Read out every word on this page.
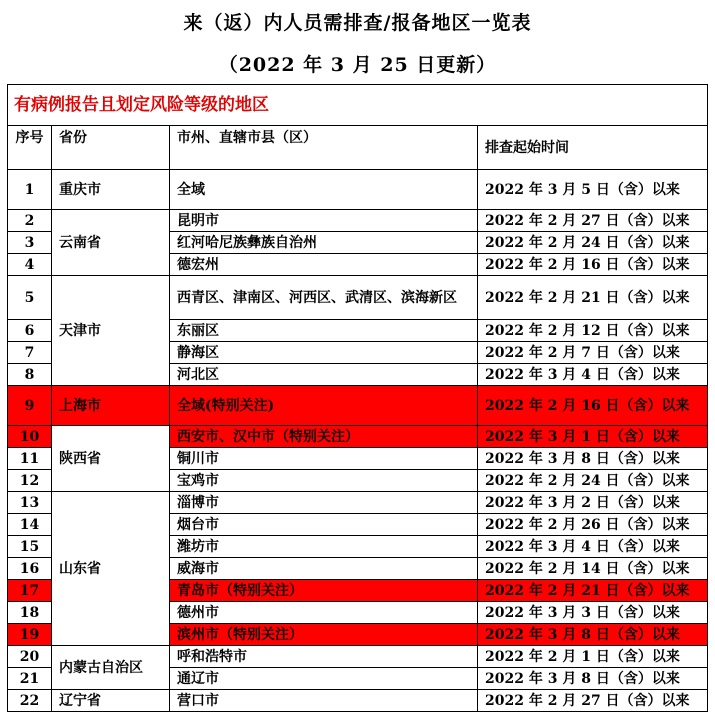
来（返）内人员需排查/报备地区一览表
（2022 年 3 月 25 日更新）
有病例报告且划定风险等级的地区			
序号	省份	市州、直辖市县（区）	排查起始时间
1	重庆市	全域	2022 年 3 月 5 日（含）以来
2	云南省	昆明市	2022 年 2 月 27 日（含）以来
3		红河哈尼族彝族自治州	2022 年 2 月 24 日（含）以来
4		德宏州	2022 年 2 月 16 日（含）以来
5	天津市	西青区、津南区、河西区、武清区、滨海新区	2022 年 2 月 21 日（含）以来
6		东丽区	2022 年 2 月 12 日（含）以来
7		静海区	2022 年 2 月 7 日（含）以来
8		河北区	2022 年 3 月 4 日（含）以来
9	上海市	全域(特别关注)	2022 年 2 月 16 日（含）以来
10	陕西省	西安市、汉中市（特别关注）	2022 年 3 月 1 日（含）以来
11		铜川市	2022 年 3 月 8 日（含）以来
12		宝鸡市	2022 年 2 月 24 日（含）以来
13	山东省	淄博市	2022 年 3 月 2 日（含）以来
14		烟台市	2022 年 2 月 26 日（含）以来
15		潍坊市	2022 年 3 月 4 日（含）以来
16		威海市	2022 年 2 月 14 日（含）以来
17		青岛市（特别关注）	2022 年 2 月 21 日（含）以来
18		德州市	2022 年 3 月 3 日（含）以来
19		滨州市（特别关注）	2022 年 3 月 8 日（含）以来
20	内蒙古自治区	呼和浩特市	2022 年 2 月 1 日（含）以来
21		通辽市	2022 年 3 月 8 日（含）以来
22	辽宁省	营口市	2022 年 2 月 27 日（含）以来
